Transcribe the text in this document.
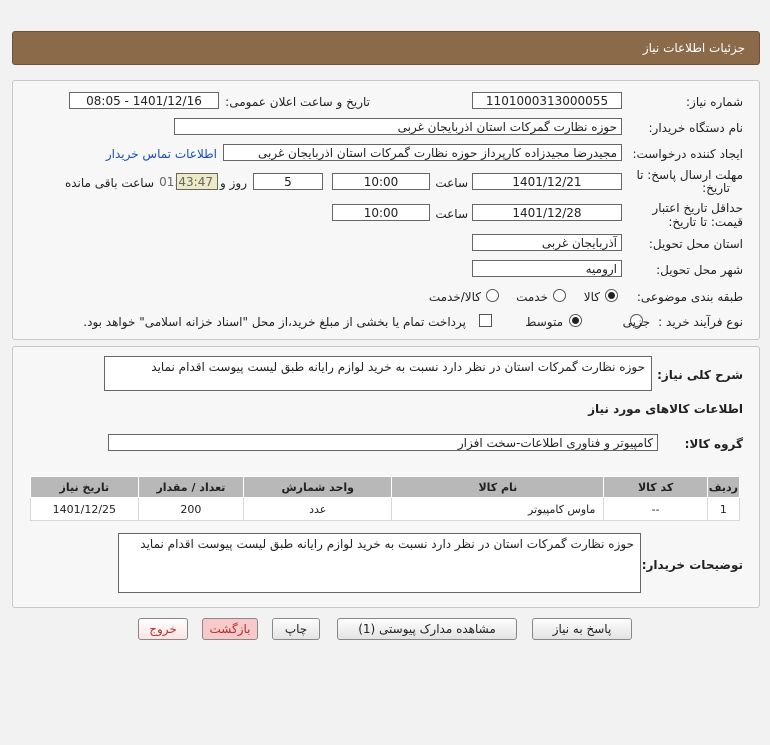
جزئیات اطلاعات نیاز
شماره نیاز:
1101000313000055
تاریخ و ساعت اعلان عمومی:
1401/12/16 - 08:05
نام دستگاه خریدار:
حوزه نظارت گمرکات استان اذربایجان غربی
ایجاد کننده درخواست:
مجیدرضا مجیدزاده کارپرداز حوزه نظارت گمرکات استان اذربایجان غربی
اطلاعات تماس خریدار
مهلت ارسال پاسخ: تا
تاریخ:
1401/12/21
ساعت
10:00
5
روز و
01:43:47
ساعت باقی مانده
حداقل تاریخ اعتبار
قیمت: تا تاریخ:
1401/12/28
ساعت
10:00
استان محل تحویل:
آذربایجان غربی
شهر محل تحویل:
ارومیه
طبقه بندی موضوعی:
کالا
خدمت
کالا/خدمت
نوع فرآیند خرید :
جزیی
متوسط
پرداخت تمام یا بخشی از مبلغ خرید،از محل "اسناد خزانه اسلامی" خواهد بود.
شرح کلی نیاز:
حوزه نظارت گمرکات استان در نظر دارد نسبت به خرید لوازم رایانه طبق لیست پیوست اقدام نماید
اطلاعات کالاهای مورد نیاز
گروه کالا:
کامپیوتر و فناوری اطلاعات-سخت افزار
ردیف	کد کالا	نام کالا	واحد شمارش	تعداد / مقدار	تاریخ نیاز
1	--	ماوس کامپیوتر	عدد	200	1401/12/25
توضیحات خریدار:
حوزه نظارت گمرکات استان در نظر دارد نسبت به خرید لوازم رایانه طبق لیست پیوست اقدام نماید
پاسخ به نیاز
مشاهده مدارک پیوستی (1)
چاپ
بازگشت
خروج
